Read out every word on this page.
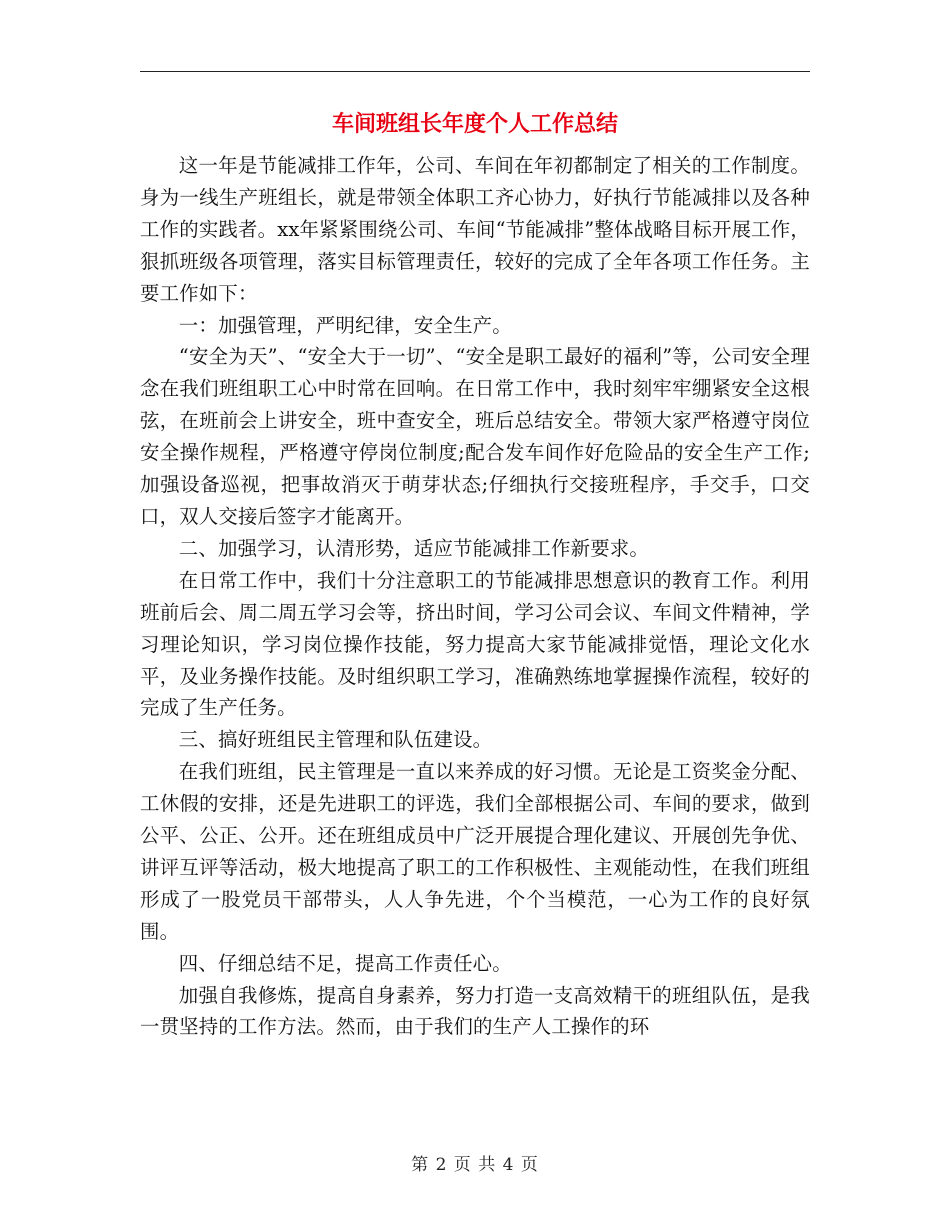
车间班组长年度个人工作总结

这一年是节能减排工作年，公司、车间在年初都制定了相关的工作制度。身为一线生产班组长，就是带领全体职工齐心协力，好执行节能减排以及各种工作的实践者。xx年紧紧围绕公司、车间“节能减排”整体战略目标开展工作，狠抓班级各项管理，落实目标管理责任，较好的完成了全年各项工作任务。主要工作如下：

一：加强管理，严明纪律，安全生产。

“安全为天”、“安全大于一切”、“安全是职工最好的福利”等，公司安全理念在我们班组职工心中时常在回响。在日常工作中，我时刻牢牢绷紧安全这根弦，在班前会上讲安全，班中查安全，班后总结安全。带领大家严格遵守岗位安全操作规程，严格遵守停岗位制度;配合发车间作好危险品的安全生产工作;加强设备巡视，把事故消灭于萌芽状态;仔细执行交接班程序，手交手，口交口，双人交接后签字才能离开。

二、加强学习，认清形势，适应节能减排工作新要求。

在日常工作中，我们十分注意职工的节能减排思想意识的教育工作。利用班前后会、周二周五学习会等，挤出时间，学习公司会议、车间文件精神，学习理论知识，学习岗位操作技能，努力提高大家节能减排觉悟，理论文化水平，及业务操作技能。及时组织职工学习，准确熟练地掌握操作流程，较好的完成了生产任务。

三、搞好班组民主管理和队伍建设。

在我们班组，民主管理是一直以来养成的好习惯。无论是工资奖金分配、工休假的安排，还是先进职工的评选，我们全部根据公司、车间的要求，做到公平、公正、公开。还在班组成员中广泛开展提合理化建议、开展创先争优、讲评互评等活动，极大地提高了职工的工作积极性、主观能动性，在我们班组形成了一股党员干部带头，人人争先进，个个当模范，一心为工作的良好氛围。

四、仔细总结不足，提高工作责任心。

加强自我修炼，提高自身素养，努力打造一支高效精干的班组队伍，是我一贯坚持的工作方法。然而，由于我们的生产人工操作的环

第 2 页 共 4 页
